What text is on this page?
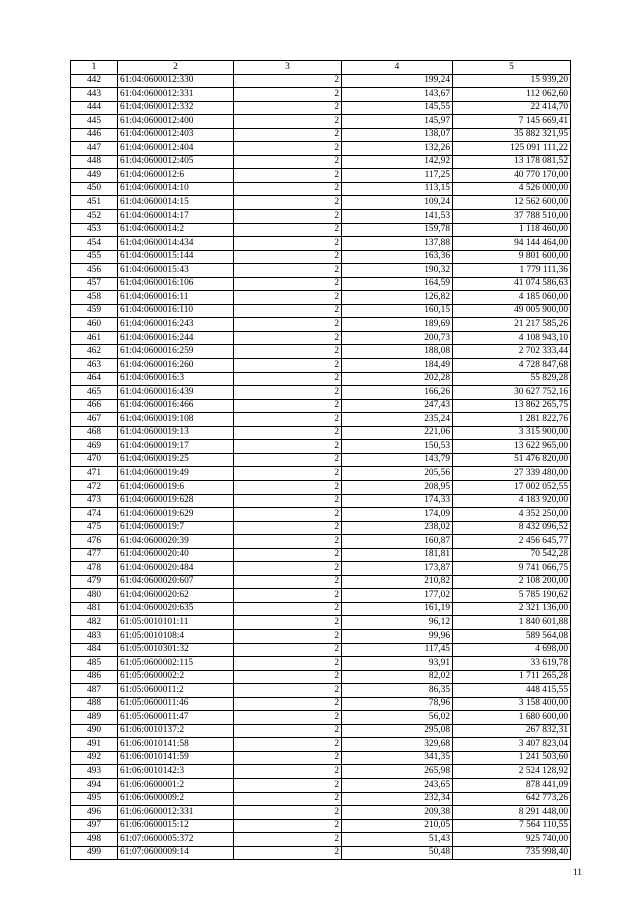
1	2	3	4	5
442	61:04:0600012:330	2	199,24	15 939,20
443	61:04:0600012:331	2	143,67	112 062,60
444	61:04:0600012:332	2	145,55	22 414,70
445	61:04:0600012:400	2	145,97	7 145 669,41
446	61:04:0600012:403	2	138,07	35 882 321,95
447	61:04:0600012:404	2	132,26	125 091 111,22
448	61:04:0600012:405	2	142,92	13 178 081,52
449	61:04:0600012:6	2	117,25	40 770 170,00
450	61:04:0600014:10	2	113,15	4 526 000,00
451	61:04:0600014:15	2	109,24	12 562 600,00
452	61:04:0600014:17	2	141,53	37 788 510,00
453	61:04:0600014:2	2	159,78	1 118 460,00
454	61:04:0600014:434	2	137,88	94 144 464,00
455	61:04:0600015:144	2	163,36	9 801 600,00
456	61:04:0600015:43	2	190,32	1 779 111,36
457	61:04:0600016:106	2	164,59	41 074 586,63
458	61:04:0600016:11	2	126,82	4 185 060,00
459	61:04:0600016:110	2	160,15	49 005 900,00
460	61:04:0600016:243	2	189,69	21 217 585,26
461	61:04:0600016:244	2	200,73	4 108 943,10
462	61:04:0600016:259	2	188,08	2 702 333,44
463	61:04:0600016:260	2	184,49	4 728 847,68
464	61:04:0600016:3	2	202,28	55 829,28
465	61:04:0600016:439	2	166,26	30 627 752,16
466	61:04:0600016:466	2	247,43	13 862 265,75
467	61:04:0600019:108	2	235,24	1 281 822,76
468	61:04:0600019:13	2	221,06	3 315 900,00
469	61:04:0600019:17	2	150,53	13 622 965,00
470	61:04:0600019:25	2	143,79	51 476 820,00
471	61:04:0600019:49	2	205,56	27 339 480,00
472	61:04:0600019:6	2	208,95	17 002 052,55
473	61:04:0600019:628	2	174,33	4 183 920,00
474	61:04:0600019:629	2	174,09	4 352 250,00
475	61:04:0600019:7	2	238,02	8 432 096,52
476	61:04:0600020:39	2	160,87	2 456 645,77
477	61:04:0600020:40	2	181,81	70 542,28
478	61:04:0600020:484	2	173,87	9 741 066,75
479	61:04:0600020:607	2	210,82	2 108 200,00
480	61:04:0600020:62	2	177,02	5 785 190,62
481	61:04:0600020:635	2	161,19	2 321 136,00
482	61:05:0010101:11	2	96,12	1 840 601,88
483	61:05:0010108:4	2	99,96	589 564,08
484	61:05:0010301:32	2	117,45	4 698,00
485	61:05:0600002:115	2	93,91	33 619,78
486	61:05:0600002:2	2	82,02	1 711 265,28
487	61:05:0600011:2	2	86,35	448 415,55
488	61:05:0600011:46	2	78,96	3 158 400,00
489	61:05:0600011:47	2	56,02	1 680 600,00
490	61:06:0010137:2	2	295,08	267 832,31
491	61:06:0010141:58	2	329,68	3 407 823,04
492	61:06:0010141:59	2	341,35	1 241 503,60
493	61:06:0010142:3	2	265,98	2 524 128,92
494	61:06:0600001:2	2	243,65	878 441,09
495	61:06:0600009:2	2	232,34	642 773,26
496	61:06:0600012:331	2	209,38	8 291 448,00
497	61:06:0600015:12	2	210,05	7 564 110,55
498	61:07:0600005:372	2	51,43	925 740,00
499	61:07:0600009:14	2	50,48	735 998,40
11
